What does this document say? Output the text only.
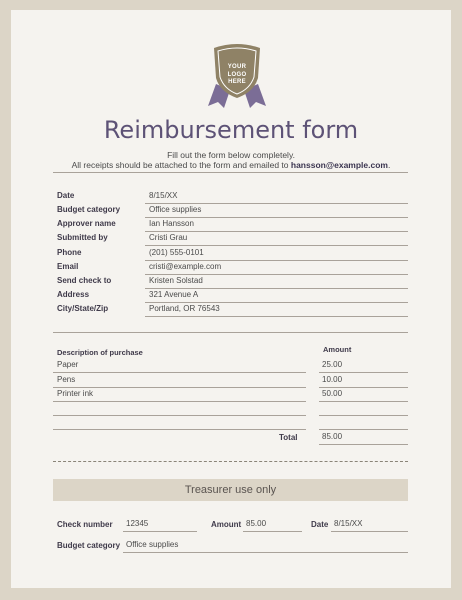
YOUR
LOGO
HERE
Reimbursement form
Fill out the form below completely.
All receipts should be attached to the form and emailed to hansson@example.com.
Date	8/15/XX
Budget category	Office supplies
Approver name	Ian Hansson
Submitted by	Cristi Grau
Phone	(201) 555-0101
Email	cristi@example.com
Send check to	Kristen Solstad
Address	321 Avenue A
City/State/Zip	Portland, OR 76543
Description of purchase	Amount
Paper	25.00
Pens	10.00
Printer ink	50.00
Total	85.00
Treasurer use only
Check number	12345	Amount 85.00	Date 8/15/XX
Budget category Office supplies
